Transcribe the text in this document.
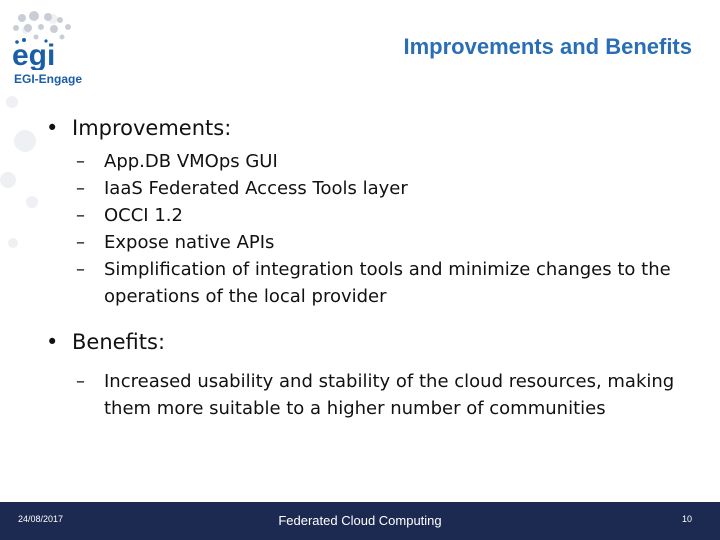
egi
EGI-Engage
Improvements and Benefits
• Improvements:
– App.DB VMOps GUI
– IaaS Federated Access Tools layer
– OCCI 1.2
– Expose native APIs
– Simplification of integration tools and minimize changes to the operations of the local provider
• Benefits:
– Increased usability and stability of the cloud resources, making them more suitable to a higher number of communities
24/08/2017	Federated Cloud Computing	10
